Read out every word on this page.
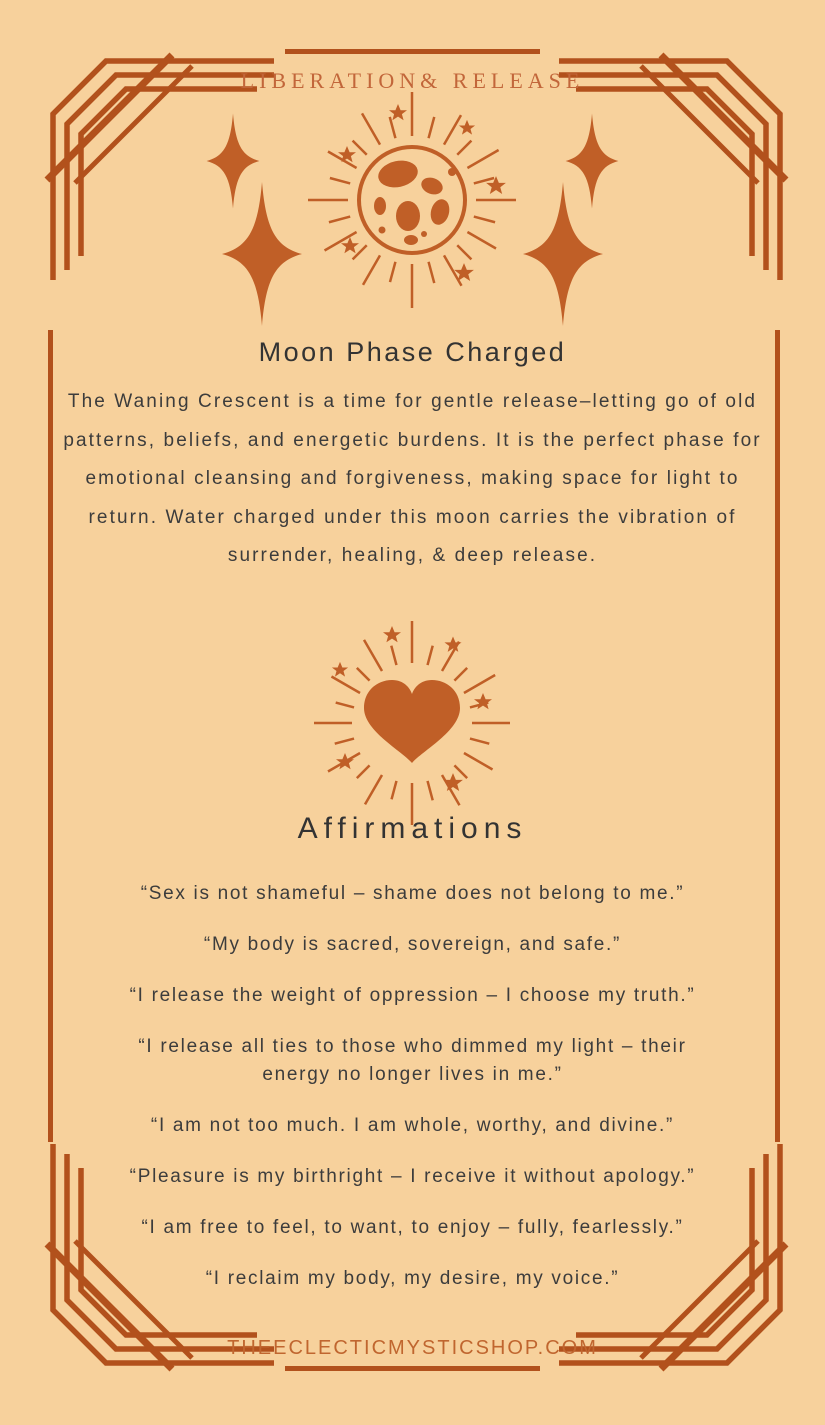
LIBERATION& RELEASE
Moon Phase Charged
The Waning Crescent is a time for gentle release–letting go of old patterns, beliefs, and energetic burdens. It is the perfect phase for emotional cleansing and forgiveness, making space for light to return. Water charged under this moon carries the vibration of surrender, healing, & deep release.
Affirmations

“Sex is not shameful – shame does not belong to me.”

“My body is sacred, sovereign, and safe.”

“I release the weight of oppression – I choose my truth.”

“I release all ties to those who dimmed my light – their energy no longer lives in me.”

“I am not too much. I am whole, worthy, and divine.”

“Pleasure is my birthright – I receive it without apology.”

“I am free to feel, to want, to enjoy – fully, fearlessly.”

“I reclaim my body, my desire, my voice.”

THEECLECTICMYSTICSHOP.COM
